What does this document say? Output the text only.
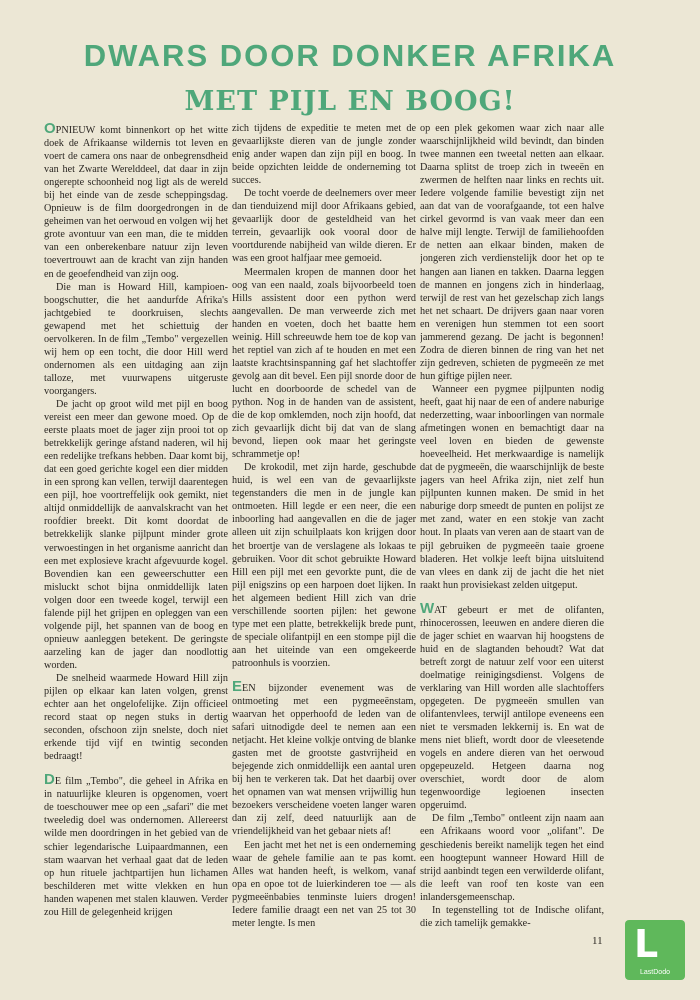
DWARS DOOR DONKER AFRIKA
MET PIJL EN BOOG!

OPNIEUW komt binnenkort op het witte doek de Afrikaanse wildernis tot leven en voert de camera ons naar de onbegrensdheid van het Zwarte Werelddeel, dat daar in zijn ongerepte schoonheid nog ligt als de wereld bij het einde van de zesde scheppingsdag. Opnieuw is de film doorgedrongen in de geheimen van het oerwoud en volgen wij het grote avontuur van een man, die te midden van een onberekenbare natuur zijn leven toevertrouwt aan de kracht van zijn handen en de geoefendheid van zijn oog.

Die man is Howard Hill, kampioen-boogschutter, die het aandurfde Afrika's jachtgebied te doorkruisen, slechts gewapend met het schiettuig der oervolkeren. In de film „Tembo" vergezellen wij hem op een tocht, die door Hill werd ondernomen als een uitdaging aan zijn talloze, met vuurwapens uitgeruste voorgangers.

De jacht op groot wild met pijl en boog vereist een meer dan gewone moed. Op de eerste plaats moet de jager zijn prooi tot op betrekkelijk geringe afstand naderen, wil hij een redelijke trefkans hebben. Daar komt bij, dat een goed gerichte kogel een dier midden in een sprong kan vellen, terwijl daarentegen een pijl, hoe voortreffelijk ook gemikt, niet altijd onmiddellijk de aanvalskracht van het roofdier breekt. Dit komt doordat de betrekkelijk slanke pijlpunt minder grote verwoestingen in het organisme aanricht dan een met explosieve kracht afgevuurde kogel. Bovendien kan een geweerschutter een misluckt schot bijna onmiddellijk laten volgen door een tweede kogel, terwijl een falende pijl het grijpen en opleggen van een volgende pijl, het spannen van de boog en opnieuw aanleggen betekent. De geringste aarzeling kan de jager dan noodlottig worden.

De snelheid waarmede Howard Hill zijn pijlen op elkaar kan laten volgen, grenst echter aan het ongelofelijke. Zijn officieel record staat op negen stuks in dertig seconden, ofschoon zijn snelste, doch niet erkende tijd vijf en twintig seconden bedraagt!

DE film „Tembo", die geheel in Afrika en in natuurlijke kleuren is opgenomen, voert de toeschouwer mee op een „safari" die met tweeledig doel was ondernomen. Allereerst wilde men doordringen in het gebied van de schier legendarische Luipaardmannen, een stam waarvan het verhaal gaat dat de leden op hun rituele jachtpartijen hun lichamen beschilderen met witte vlekken en hun handen wapenen met stalen klauwen. Verder zou Hill de gelegenheid krijgen

zich tijdens de expeditie te meten met de gevaarlijkste dieren van de jungle zonder enig ander wapen dan zijn pijl en boog. In beide opzichten leidde de onderneming tot succes.

De tocht voerde de deelnemers over meer dan tienduizend mijl door Afrikaans gebied, gevaarlijk door de gesteldheid van het terrein, gevaarlijk ook vooral door de voortdurende nabijheid van wilde dieren. Er was een groot halfjaar mee gemoeid.

Meermalen kropen de mannen door het oog van een naald, zoals bijvoorbeeld toen Hills assistent door een python werd aangevallen. De man verweerde zich met handen en voeten, doch het baatte hem weinig. Hill schreeuwde hem toe de kop van het reptiel van zich af te houden en met een laatste krachtsinspanning gaf het slachtoffer gevolg aan dit bevel. Een pijl snorde door de lucht en doorboorde de schedel van de python. Nog in de handen van de assistent, die de kop omklemden, noch zijn hoofd, dat zich gevaarlijk dicht bij dat van de slang bevond, liepen ook maar het geringste schrammetje op!

De krokodil, met zijn harde, geschubde huid, is wel een van de gevaarlijkste tegenstanders die men in de jungle kan ontmoeten. Hill legde er een neer, die een inboorling had aangevallen en die de jager alleen uit zijn schuilplaats kon krijgen door het broertje van de verslagene als lokaas te gebruiken. Voor dit schot gebruikte Howard Hill een pijl met een gevorkte punt, die de pijl enigszins op een harpoen doet lijken. In het algemeen bedient Hill zich van drie verschillende soorten pijlen: het gewone type met een platte, betrekkelijk brede punt, de speciale olifantpijl en een stompe pijl die aan het uiteinde van een omgekeerde patroonhuls is voorzien.

EEN bijzonder evenement was de ontmoeting met een pygmeeënstam, waarvan het opperhoofd de leden van de safari uitnodigde deel te nemen aan een netjacht. Het kleine volkje ontving de blanke gasten met de grootste gastvrijheid en bejegende zich onmiddellijk een aantal uren bij hen te verkeren tak. Dat het daarbij over het opnamen van wat mensen vrijwillig hun bezoekers verscheidene voeten langer waren dan zij zelf, deed natuurlijk aan de vriendelijkheid van het gebaar niets af!

Een jacht met het net is een onderneming waar de gehele familie aan te pas komt. Alles wat handen heeft, is welkom, vanaf opa en opoe tot de luierkinderen toe — als pygmeeënbabies tenminste luiers drogen! Iedere familie draagt een net van 25 tot 30 meter lengte. Is men

op een plek gekomen waar zich naar alle waarschijnlijkheid wild bevindt, dan binden twee mannen een tweetal netten aan elkaar. Daarna splitst de troep zich in tweeën en zwermen de helften naar links en rechts uit. Iedere volgende familie bevestigt zijn net aan dat van de voorafgaande, tot een halve cirkel gevormd is van vaak meer dan een halve mijl lengte. Terwijl de familiehoofden de netten aan elkaar binden, maken de jongeren zich verdienstelijk door het op te hangen aan lianen en takken. Daarna leggen de mannen en jongens zich in hinderlaag, terwijl de rest van het gezelschap zich langs het net schaart. De drijvers gaan naar voren en verenigen hun stemmen tot een soort jammerend gezang. De jacht is begonnen! Zodra de dieren binnen de ring van het net zijn gedreven, schieten de pygmeeën ze met hun giftige pijlen neer.

Wanneer een pygmee pijlpunten nodig heeft, gaat hij naar de een of andere naburige nederzetting, waar inboorlingen van normale afmetingen wonen en bemachtigt daar na veel loven en bieden de gewenste hoeveelheid. Het merkwaardige is namelijk dat de pygmeeën, die waarschijnlijk de beste jagers van heel Afrika zijn, niet zelf hun pijlpunten kunnen maken. De smid in het naburige dorp smeedt de punten en polijst ze met zand, water en een stokje van zacht hout. In plaats van veren aan de staart van de pijl gebruiken de pygmeeën taaie groene bladeren. Het volkje leeft bijna uitsluitend van vlees en dank zij de jacht die het niet raakt hun provisiekast zelden uitgeput.

WAT gebeurt er met de olifanten, rhinocerossen, leeuwen en andere dieren die de jager schiet en waarvan hij hoogstens de huid en de slagtanden behoudt? Wat dat betreft zorgt de natuur zelf voor een uiterst doelmatige reinigingsdienst. Volgens de verklaring van Hill worden alle slachtoffers opgegeten. De pygmeeën smullen van olifantenvlees, terwijl antilope eveneens een niet te versmaden lekkernij is. En wat de mens niet blieft, wordt door de vleesetende vogels en andere dieren van het oerwoud opgepeuzeld. Hetgeen daarna nog overschiet, wordt door de alom tegenwoordige legioenen insecten opgeruimd.

De film „Tembo" ontleent zijn naam aan een Afrikaans woord voor „olifant". De geschiedenis bereikt namelijk tegen het eind een hoogtepunt wanneer Howard Hill de strijd aanbindt tegen een verwilderde olifant, die leeft van roof ten koste van een inlandersgemeenschap.

In tegenstelling tot de Indische olifant, die zich tamelijk gemakke-

11 L

LastDodo
